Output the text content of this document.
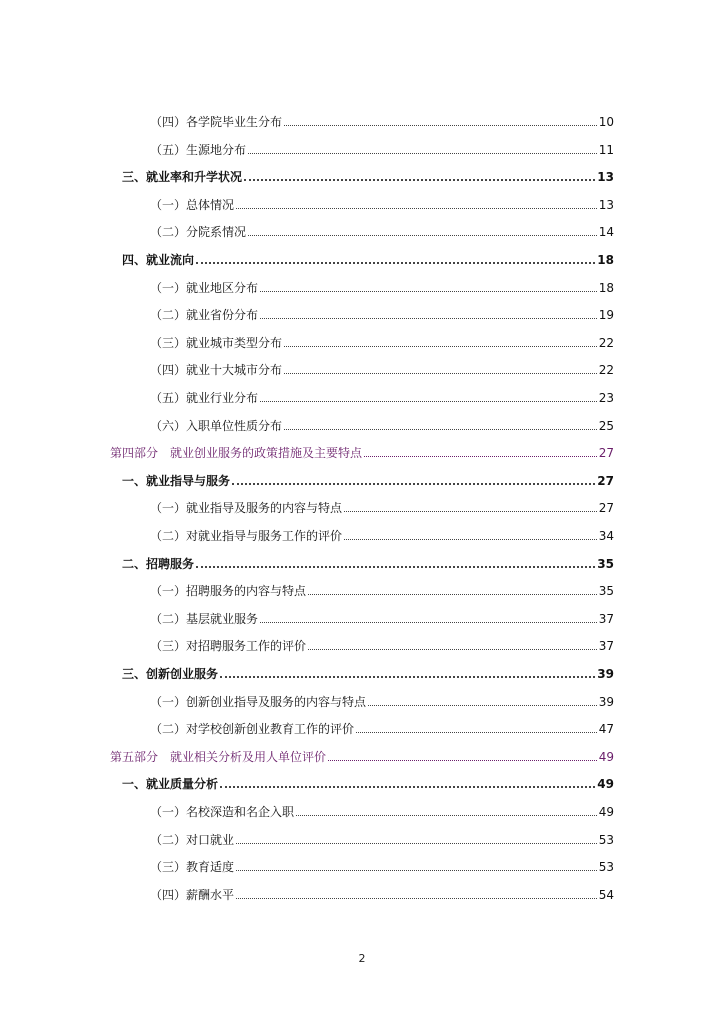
（四）各学院毕业生分布	10
（五）生源地分布	11
三、就业率和升学状况	13
（一）总体情况	13
（二）分院系情况	14
四、就业流向	18
（一）就业地区分布	18
（二）就业省份分布	19
（三）就业城市类型分布	22
（四）就业十大城市分布	22
（五）就业行业分布	23
（六）入职单位性质分布	25
第四部分　就业创业服务的政策措施及主要特点	27
一、就业指导与服务	27
（一）就业指导及服务的内容与特点	27
（二）对就业指导与服务工作的评价	34
二、招聘服务	35
（一）招聘服务的内容与特点	35
（二）基层就业服务	37
（三）对招聘服务工作的评价	37
三、创新创业服务	39
（一）创新创业指导及服务的内容与特点	39
（二）对学校创新创业教育工作的评价	47
第五部分　就业相关分析及用人单位评价	49
一、就业质量分析	49
（一）名校深造和名企入职	49
（二）对口就业	53
（三）教育适度	53
（四）薪酬水平	54
2
